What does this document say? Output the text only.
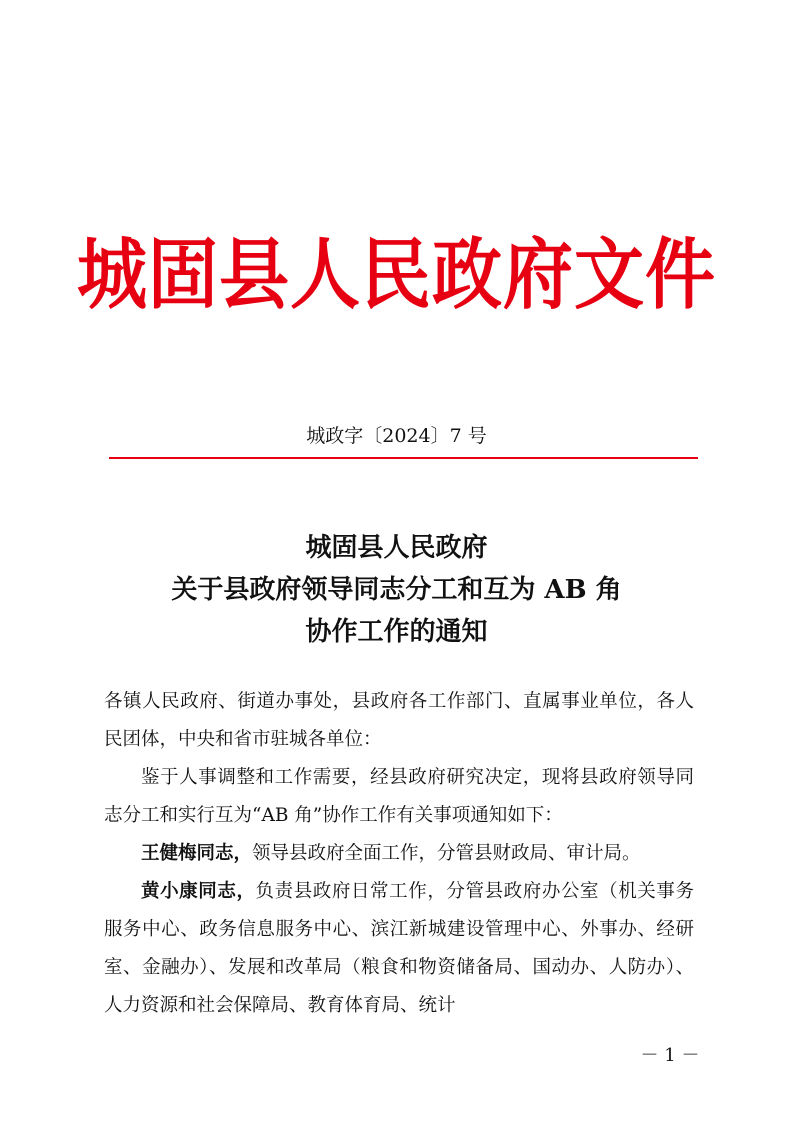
城固县人民政府文件
城政字〔2024〕7 号
城固县人民政府
关于县政府领导同志分工和互为 AB 角
协作工作的通知

各镇人民政府、街道办事处，县政府各工作部门、直属事业单位，各人民团体，中央和省市驻城各单位：

鉴于人事调整和工作需要，经县政府研究决定，现将县政府领导同志分工和实行互为“AB 角”协作工作有关事项通知如下：

王健梅同志，领导县政府全面工作，分管县财政局、审计局。

黄小康同志，负责县政府日常工作，分管县政府办公室（机关事务服务中心、政务信息服务中心、滨江新城建设管理中心、外事办、经研室、金融办）、发展和改革局（粮食和物资储备局、国动办、人防办）、人力资源和社会保障局、教育体育局、统计

－ 1 －
